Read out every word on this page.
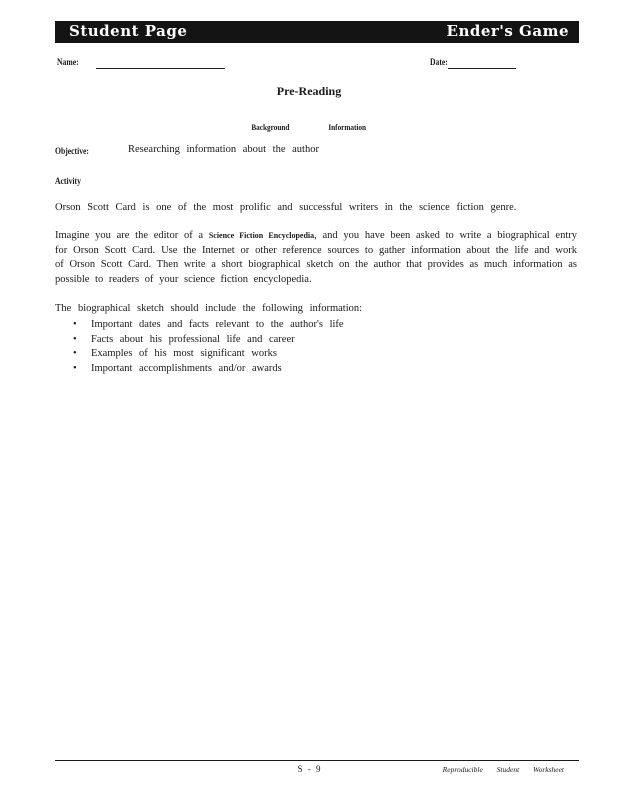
Student Page	Ender's Game
Name:	Date:
Pre-Reading
Background	Information
Objective:	Researching information about the author
Activity
Orson Scott Card is one of the most prolific and successful writers in the science fiction genre.
Imagine you are the editor of a Science Fiction Encyclopedia, and you have been asked to write a biographical entry for Orson Scott Card. Use the Internet or other reference sources to gather information about the life and work of Orson Scott Card. Then write a short biographical sketch on the author that provides as much information as possible to readers of your science fiction encyclopedia.
The biographical sketch should include the following information:
• Important dates and facts relevant to the author's life
• Facts about his professional life and career
• Examples of his most significant works
• Important accomplishments and/or awards
S - 9	Reproducible Student Worksheet
